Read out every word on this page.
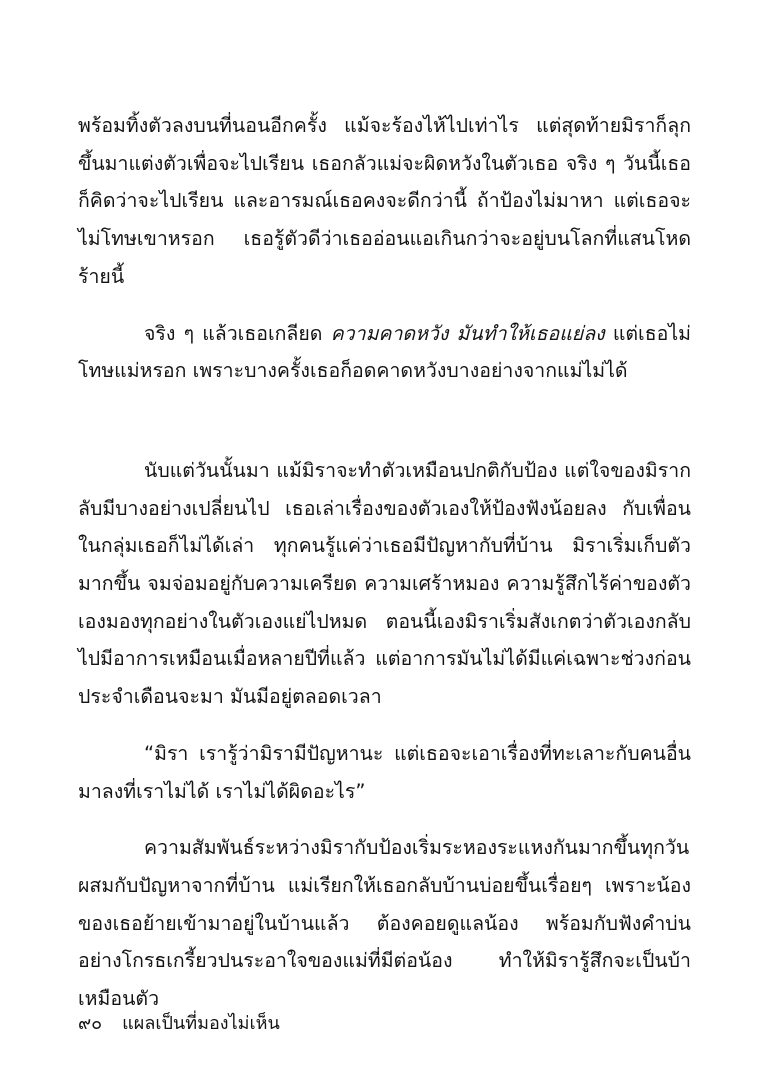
พร้อมทิ้งตัวลงบนที่นอนอีกครั้ง แม้จะร้องไห้ไปเท่าไร แต่สุดท้ายมิราก็ลุกขึ้นมาแต่งตัวเพื่อจะไปเรียน เธอกลัวแม่จะผิดหวังในตัวเธอ จริง ๆ วันนี้เธอก็คิดว่าจะไปเรียน และอารมณ์เธอคงจะดีกว่านี้ ถ้าป้องไม่มาหา แต่เธอจะไม่โทษเขาหรอก เธอรู้ตัวดีว่าเธออ่อนแอเกินกว่าจะอยู่บนโลกที่แสนโหดร้ายนี้

จริง ๆ แล้วเธอเกลียด ความคาดหวัง มันทำให้เธอแย่ลง แต่เธอไม่โทษแม่หรอก เพราะบางครั้งเธอก็อดคาดหวังบางอย่างจากแม่ไม่ได้

นับแต่วันนั้นมา แม้มิราจะทำตัวเหมือนปกติกับป้อง แต่ใจของมิรากลับมีบางอย่างเปลี่ยนไป เธอเล่าเรื่องของตัวเองให้ป้องฟังน้อยลง กับเพื่อนในกลุ่มเธอก็ไม่ได้เล่า ทุกคนรู้แค่ว่าเธอมีปัญหากับที่บ้าน มิราเริ่มเก็บตัวมากขึ้น จมจ่อมอยู่กับความเครียด ความเศร้าหมอง ความรู้สึกไร้ค่าของตัวเองมองทุกอย่างในตัวเองแย่ไปหมด ตอนนี้เองมิราเริ่มสังเกตว่าตัวเองกลับไปมีอาการเหมือนเมื่อหลายปีที่แล้ว แต่อาการมันไม่ได้มีแค่เฉพาะช่วงก่อนประจำเดือนจะมา มันมีอยู่ตลอดเวลา

“มิรา เรารู้ว่ามิรามีปัญหานะ แต่เธอจะเอาเรื่องที่ทะเลาะกับคนอื่นมาลงที่เราไม่ได้ เราไม่ได้ผิดอะไร”

ความสัมพันธ์ระหว่างมิรากับป้องเริ่มระหองระแหงกันมากขึ้นทุกวันผสมกับปัญหาจากที่บ้าน แม่เรียกให้เธอกลับบ้านบ่อยขึ้นเรื่อยๆ เพราะน้องของเธอย้ายเข้ามาอยู่ในบ้านแล้ว ต้องคอยดูแลน้อง พร้อมกับฟังคำบ่นอย่างโกรธเกรี้ยวปนระอาใจของแม่ที่มีต่อน้อง ทำให้มิรารู้สึกจะเป็นบ้า เหมือนตัว

๙๐ แผลเป็นที่มองไม่เห็น
